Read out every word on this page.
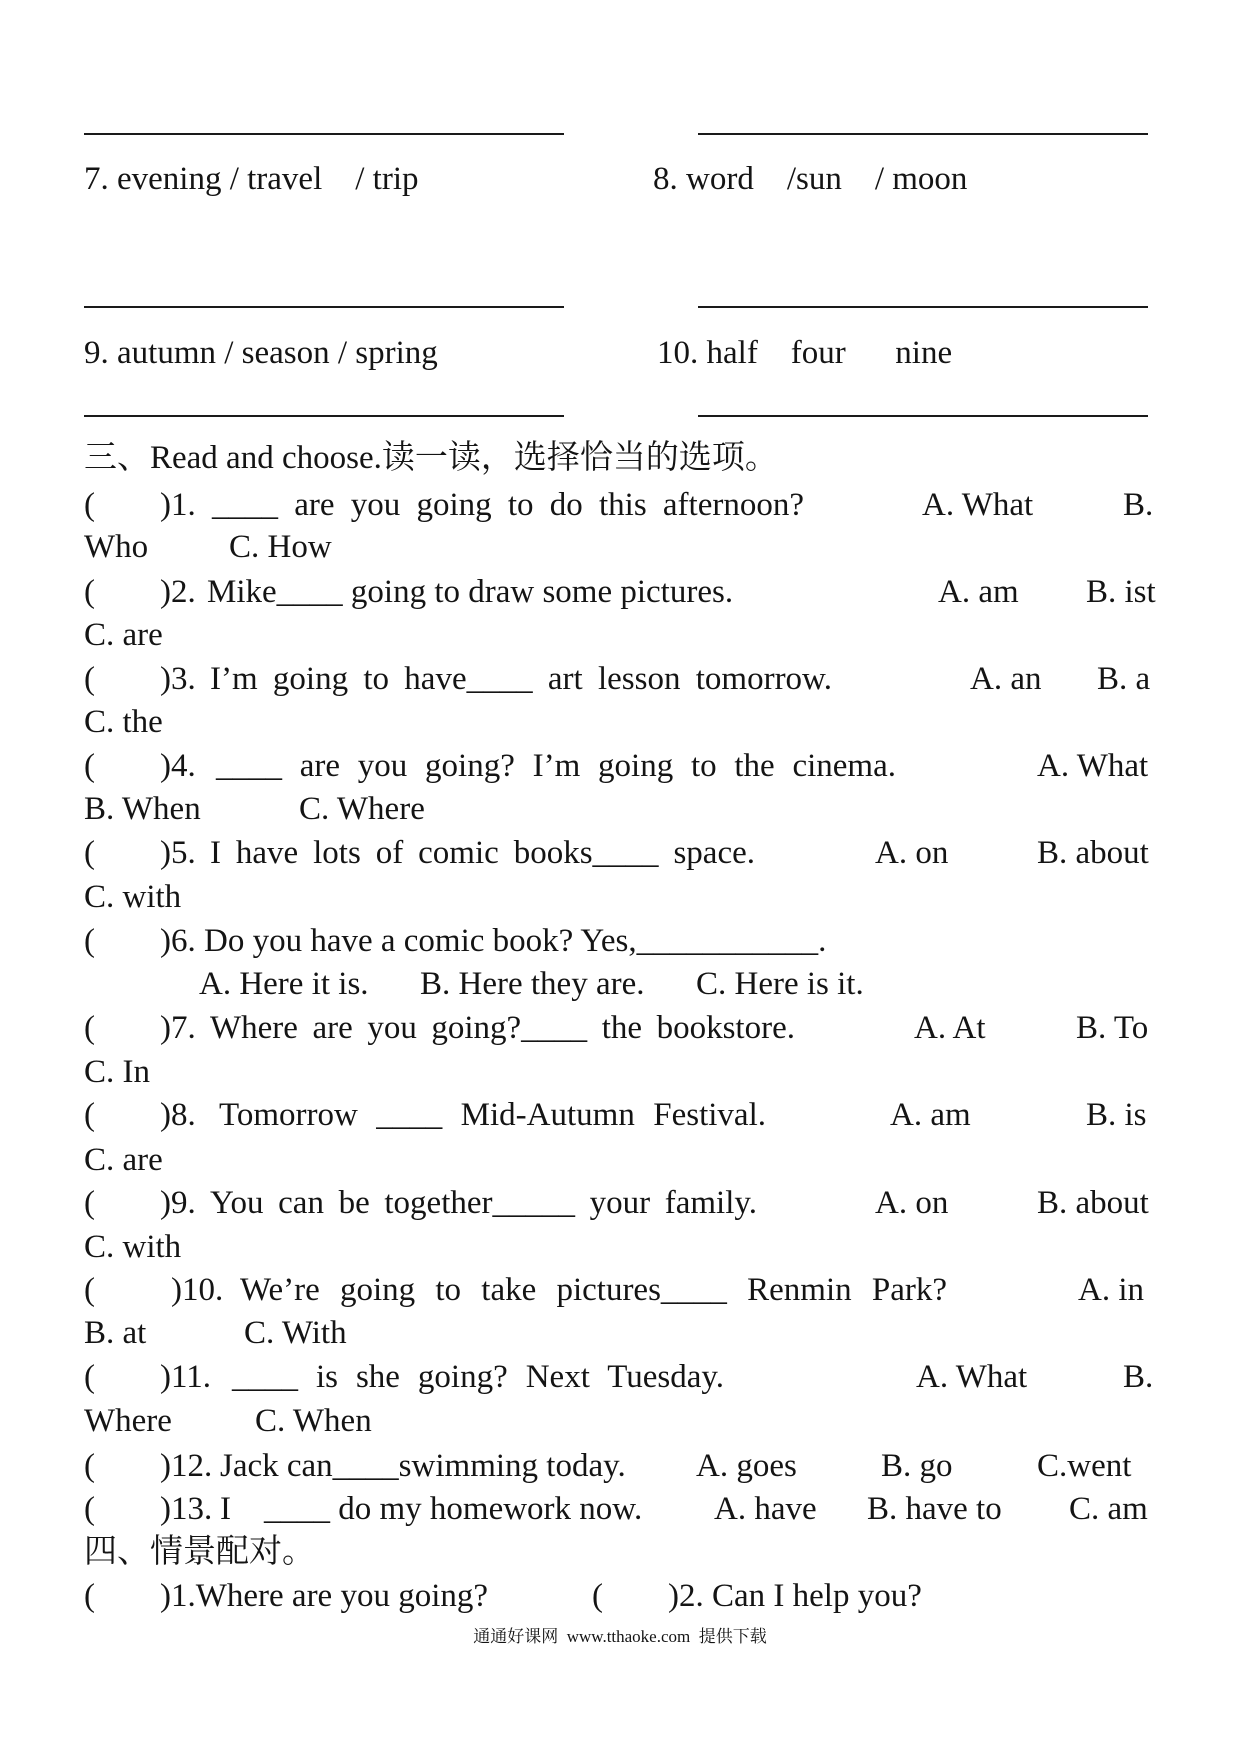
7. evening / travel    / trip	8. word    /sun    / moon
9. autumn / season / spring	10. half    four      nine
三、Read and choose.读一读，选择恰当的选项。
( )1. ____ are you going to do this afternoon?	A. What	B.
Who C. How
( )2. Mike____ going to draw some pictures.	A. am B. ist
C. are
( )3. I’m going to have____ art lesson tomorrow.	A. an B. a
C. the
( )4. ____ are you going? I’m going to the cinema.	A. What
B. When	C. Where
( )5. I have lots of comic books____ space.	A. on	B. about
C. with
( )6. Do you have a comic book? Yes,___________.
A. Here it is. B. Here they are. C. Here is it.
( )7. Where are you going?____ the bookstore.	A. At	B. To
C. In
( )8. Tomorrow ____ Mid-Autumn Festival.	A. am	B. is
C. are
( )9. You can be together_____ your family.	A. on	B. about
C. with
( )10. We’re going to take pictures____ Renmin Park?	A. in
B. at	C. With
( )11. ____ is she going? Next Tuesday.	A. What	B.
Where	C. When
( )12. Jack can____swimming today. A. goes	B. go	C.went
( )13. I    ____ do my homework now. A. have B. have to C. am
四、情景配对。
( )1.Where are you going?	( )2. Can I help you?
通通好课网  www.tthaoke.com  提供下载
